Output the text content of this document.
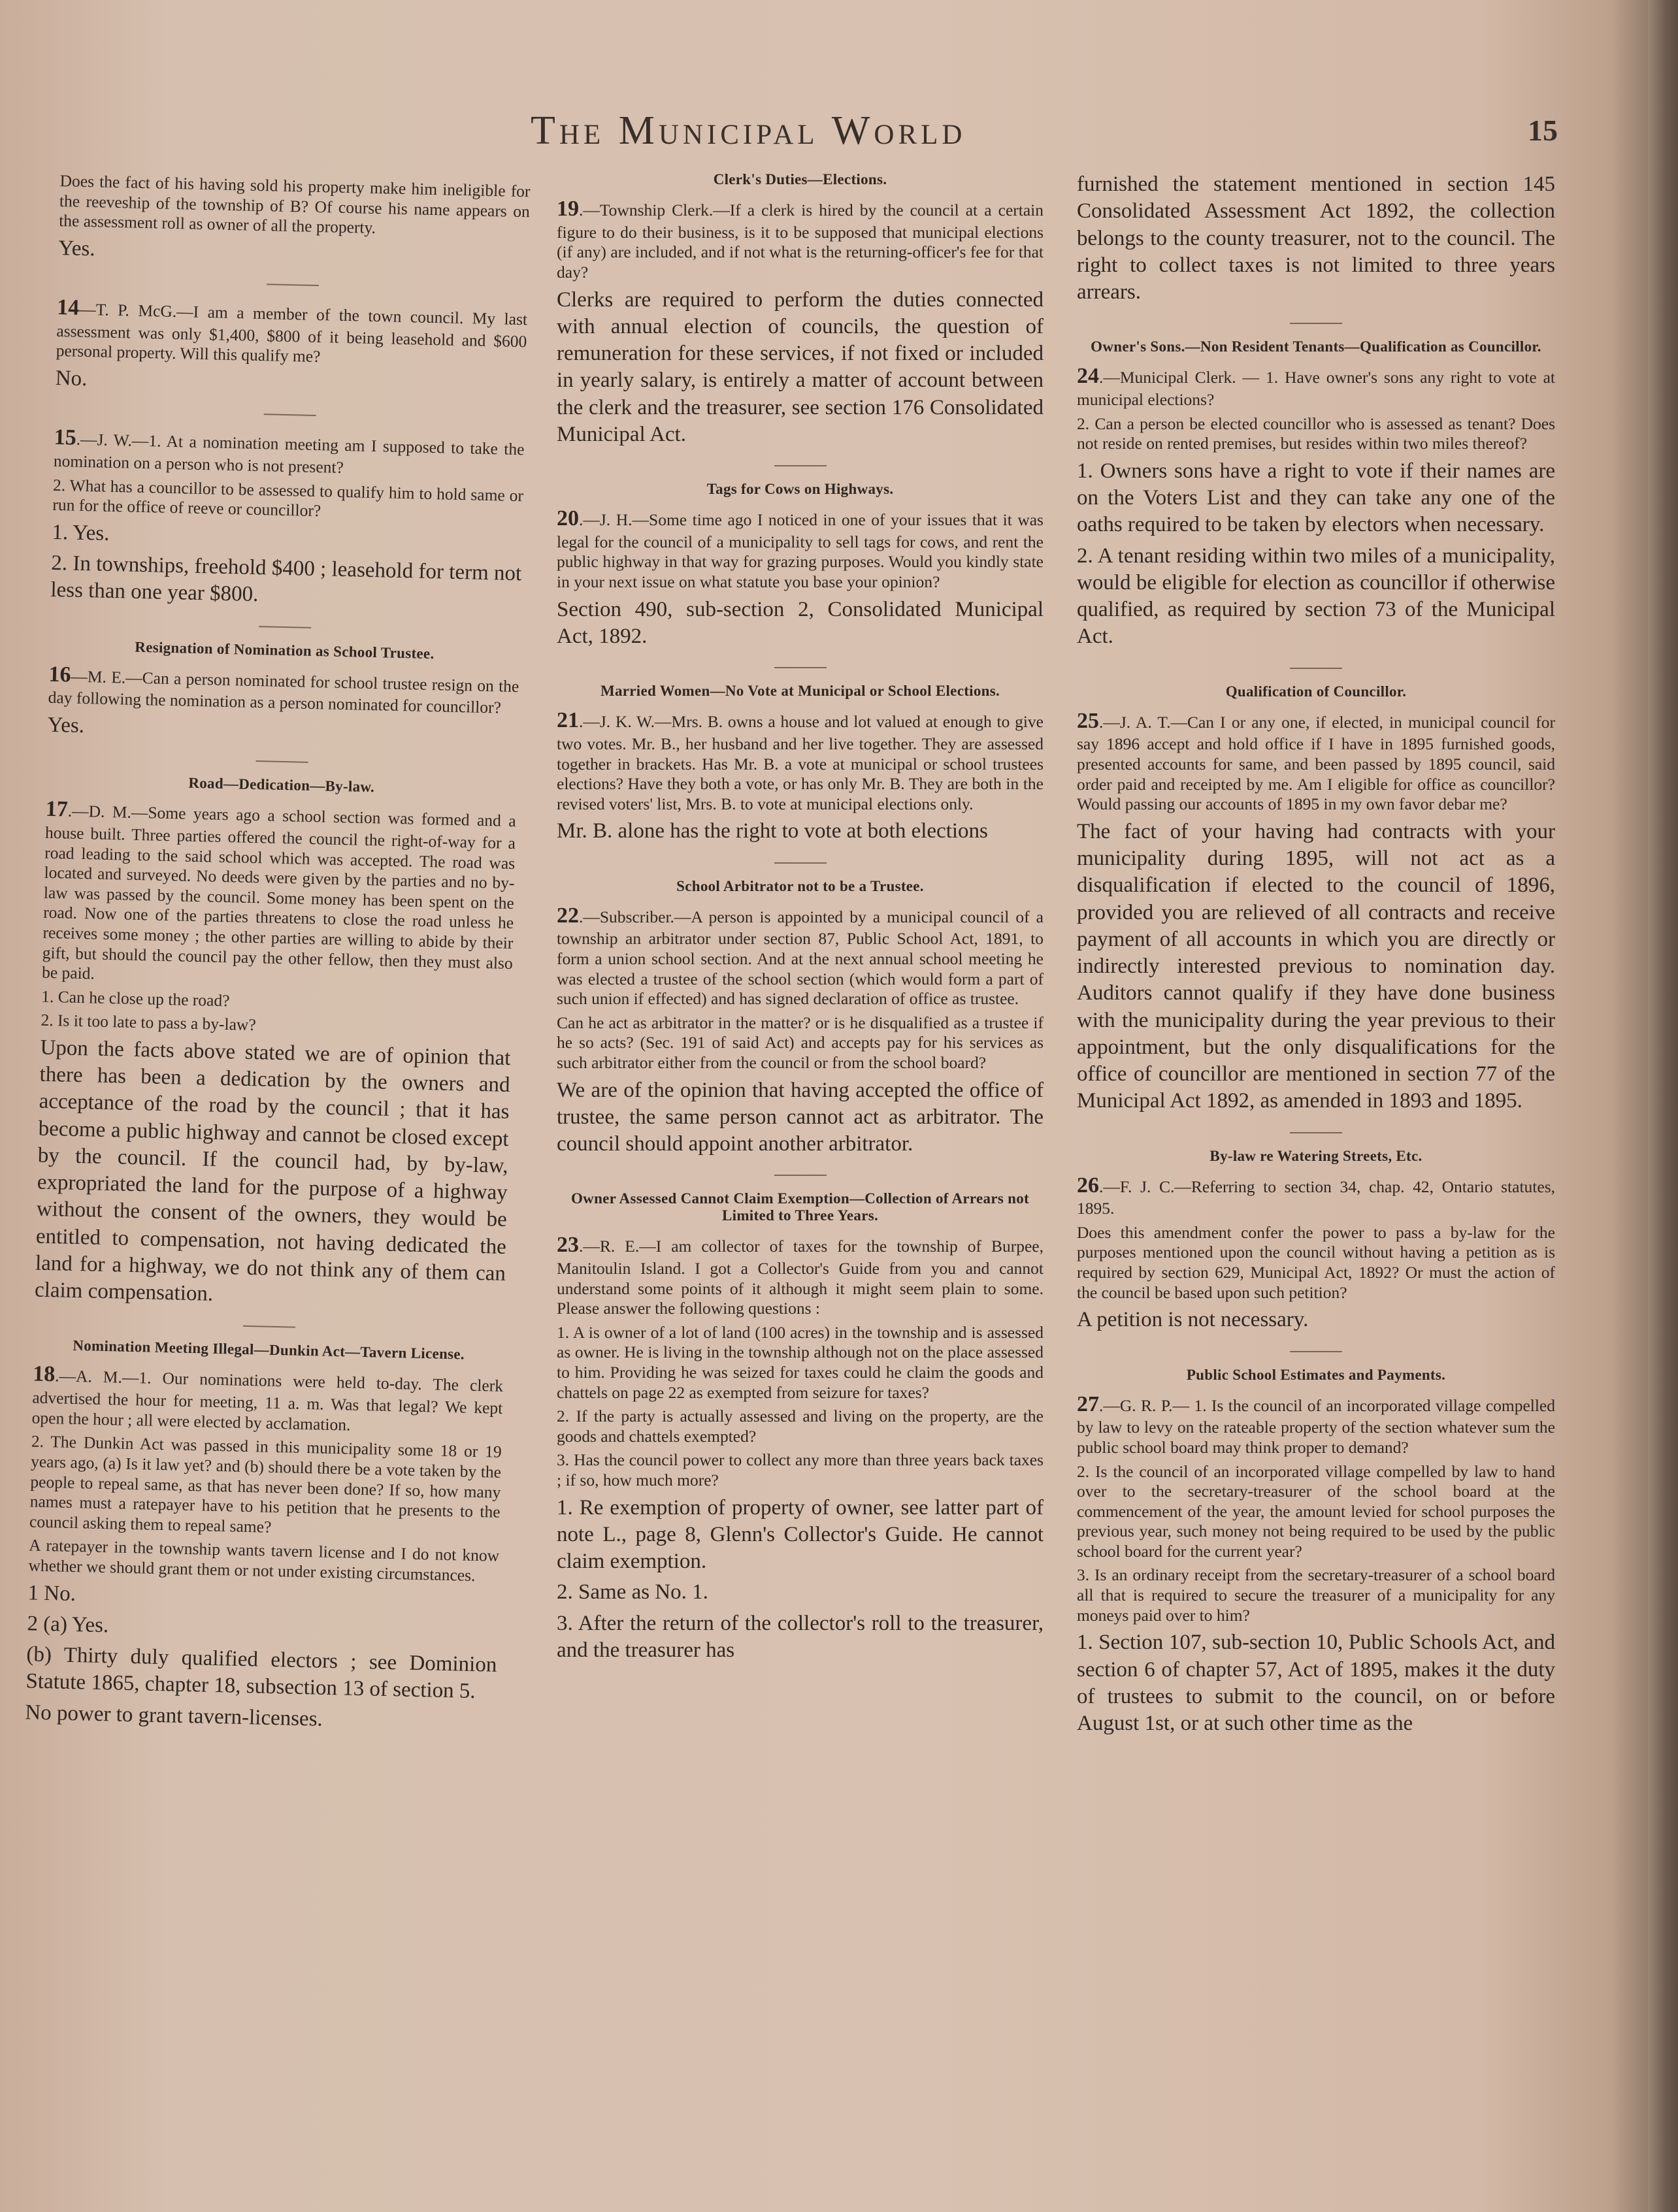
The Municipal World	15

Does the fact of his having sold his property make him ineligible for the reeveship of the township of B? Of course his name appears on the assessment roll as owner of all the property.

Yes.

14—T. P. McG.—I am a member of the town council. My last assessment was only $1,400, $800 of it being leasehold and $600 personal property. Will this qualify me?

No.

15.—J. W.—1. At a nomination meeting am I supposed to take the nomination on a person who is not present?

2. What has a councillor to be assessed to qualify him to hold same or run for the office of reeve or councillor?

1. Yes.

2. In townships, freehold $400 ; leasehold for term not less than one year $800.

Resignation of Nomination as School Trustee.

16—M. E.—Can a person nominated for school trustee resign on the day following the nomination as a person nominated for councillor?

Yes.

Road—Dedication—By-law.

17.—D. M.—Some years ago a school section was formed and a house built. Three parties offered the council the right-of-way for a road leading to the said school which was accepted. The road was located and surveyed. No deeds were given by the parties and no by-law was passed by the council. Some money has been spent on the road. Now one of the parties threatens to close the road unless he receives some money ; the other parties are willing to abide by their gift, but should the council pay the other fellow, then they must also be paid.

1. Can he close up the road?

2. Is it too late to pass a by-law?

Upon the facts above stated we are of opinion that there has been a dedication by the owners and acceptance of the road by the council ; that it has become a public highway and cannot be closed except by the council. If the council had, by by-law, expropriated the land for the purpose of a highway without the consent of the owners, they would be entitled to compensation, not having dedicated the land for a highway, we do not think any of them can claim compensation.

Nomination Meeting Illegal—Dunkin Act—Tavern License.

18.—A. M.—1. Our nominations were held to-day. The clerk advertised the hour for meeting, 11 a. m. Was that legal? We kept open the hour ; all were elected by acclamation.

2. The Dunkin Act was passed in this municipality some 18 or 19 years ago, (a) Is it law yet? and (b) should there be a vote taken by the people to repeal same, as that has never been done? If so, how many names must a ratepayer have to his petition that he presents to the council asking them to repeal same?

A ratepayer in the township wants tavern license and I do not know whether we should grant them or not under existing circumstances.

1 No.

2 (a) Yes.

(b) Thirty duly qualified electors ; see Dominion Statute 1865, chapter 18, subsection 13 of section 5.

No power to grant tavern-licenses.

Clerk's Duties—Elections.

19.—Township Clerk.—If a clerk is hired by the council at a certain figure to do their business, is it to be supposed that municipal elections (if any) are included, and if not what is the returning-officer's fee for that day?

Clerks are required to perform the duties connected with annual election of councils, the question of remuneration for these services, if not fixed or included in yearly salary, is entirely a matter of account between the clerk and the treasurer, see section 176 Consolidated Municipal Act.

Tags for Cows on Highways.

20.—J. H.—Some time ago I noticed in one of your issues that it was legal for the council of a municipality to sell tags for cows, and rent the public highway in that way for grazing purposes. Would you kindly state in your next issue on what statute you base your opinion?

Section 490, sub-section 2, Consolidated Municipal Act, 1892.

Married Women—No Vote at Municipal or School Elections.

21.—J. K. W.—Mrs. B. owns a house and lot valued at enough to give two votes. Mr. B., her husband and her live together. They are assessed together in brackets. Has Mr. B. a vote at municipal or school trustees elections? Have they both a vote, or has only Mr. B. They are both in the revised voters' list, Mrs. B. to vote at municipal elections only.

Mr. B. alone has the right to vote at both elections

School Arbitrator not to be a Trustee.

22.—Subscriber.—A person is appointed by a municipal council of a township an arbitrator under section 87, Public School Act, 1891, to form a union school section. And at the next annual school meeting he was elected a trustee of the school section (which would form a part of such union if effected) and has signed declaration of office as trustee.

Can he act as arbitrator in the matter? or is he disqualified as a trustee if he so acts? (Sec. 191 of said Act) and accepts pay for his services as such arbitrator either from the council or from the school board?

We are of the opinion that having accepted the office of trustee, the same person cannot act as arbitrator. The council should appoint another arbitrator.

Owner Assessed Cannot Claim Exemption—Collection of Arrears not Limited to Three Years.

23.—R. E.—I am collector of taxes for the township of Burpee, Manitoulin Island. I got a Collector's Guide from you and cannot understand some points of it although it might seem plain to some. Please answer the following questions :

1. A is owner of a lot of land (100 acres) in the township and is assessed as owner. He is living in the township although not on the place assessed to him. Providing he was seized for taxes could he claim the goods and chattels on page 22 as exempted from seizure for taxes?

2. If the party is actually assessed and living on the property, are the goods and chattels exempted?

3. Has the council power to collect any more than three years back taxes ; if so, how much more?

1. Re exemption of property of owner, see latter part of note L., page 8, Glenn's Collector's Guide. He cannot claim exemption.

2. Same as No. 1.

3. After the return of the collector's roll to the treasurer, and the treasurer has

furnished the statement mentioned in section 145 Consolidated Assessment Act 1892, the collection belongs to the county treasurer, not to the council. The right to collect taxes is not limited to three years arrears.

Owner's Sons.—Non Resident Tenants—Qualification as Councillor.

24.—Municipal Clerk. — 1. Have owner's sons any right to vote at municipal elections?

2. Can a person be elected councillor who is assessed as tenant? Does not reside on rented premises, but resides within two miles thereof?

1. Owners sons have a right to vote if their names are on the Voters List and they can take any one of the oaths required to be taken by electors when necessary.

2. A tenant residing within two miles of a municipality, would be eligible for election as councillor if otherwise qualified, as required by section 73 of the Municipal Act.

Qualification of Councillor.

25.—J. A. T.—Can I or any one, if elected, in municipal council for say 1896 accept and hold office if I have in 1895 furnished goods, presented accounts for same, and been passed by 1895 council, said order paid and receipted by me. Am I eligible for office as councillor? Would passing our accounts of 1895 in my own favor debar me?

The fact of your having had contracts with your municipality during 1895, will not act as a disqualification if elected to the council of 1896, provided you are relieved of all contracts and receive payment of all accounts in which you are directly or indirectly interested previous to nomination day. Auditors cannot qualify if they have done business with the municipality during the year previous to their appointment, but the only disqualifications for the office of councillor are mentioned in section 77 of the Municipal Act 1892, as amended in 1893 and 1895.

By-law re Watering Streets, Etc.

26.—F. J. C.—Referring to section 34, chap. 42, Ontario statutes, 1895.

Does this amendment confer the power to pass a by-law for the purposes mentioned upon the council without having a petition as is required by section 629, Municipal Act, 1892? Or must the action of the council be based upon such petition?

A petition is not necessary.

Public School Estimates and Payments.

27.—G. R. P.— 1. Is the council of an incorporated village compelled by law to levy on the rateable property of the section whatever sum the public school board may think proper to demand?

2. Is the council of an incorporated village compelled by law to hand over to the secretary-treasurer of the school board at the commencement of the year, the amount levied for school purposes the previous year, such money not being required to be used by the public school board for the current year?

3. Is an ordinary receipt from the secretary-treasurer of a school board all that is required to secure the treasurer of a municipality for any moneys paid over to him?

1. Section 107, sub-section 10, Public Schools Act, and section 6 of chapter 57, Act of 1895, makes it the duty of trustees to submit to the council, on or before August 1st, or at such other time as the
